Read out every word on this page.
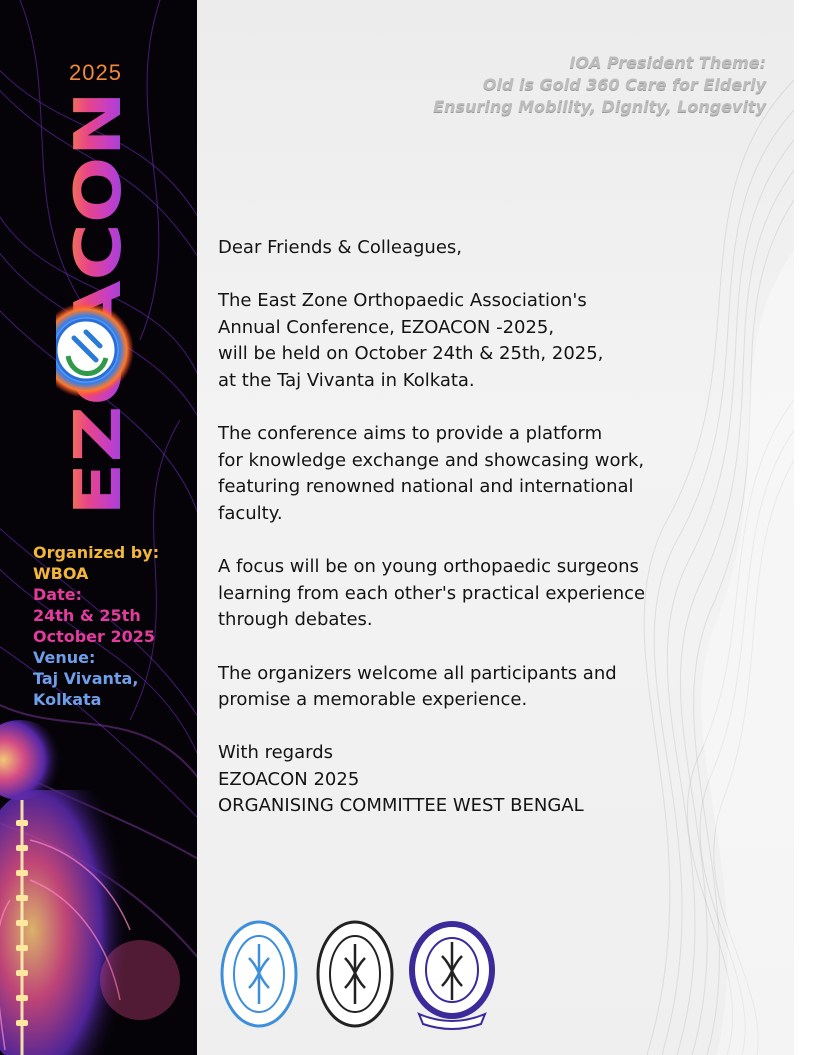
2025
Organized by:
WBOA
Date:
24th & 25th
October 2025
Venue:
Taj Vivanta,
Kolkata
IOA President Theme:
Old is Gold 360 Care for Elderly
Ensuring Mobility, Dignity, Longevity

Dear Friends & Colleagues,

The East Zone Orthopaedic Association's
Annual Conference, EZOACON -2025,
will be held on October 24th & 25th, 2025,
at the Taj Vivanta in Kolkata.

The conference aims to provide a platform
for knowledge exchange and showcasing work,
featuring renowned national and international
faculty.

A focus will be on young orthopaedic surgeons
learning from each other's practical experience
through debates.

The organizers welcome all participants and
promise a memorable experience.

With regards
EZOACON 2025
ORGANISING COMMITTEE WEST BENGAL
